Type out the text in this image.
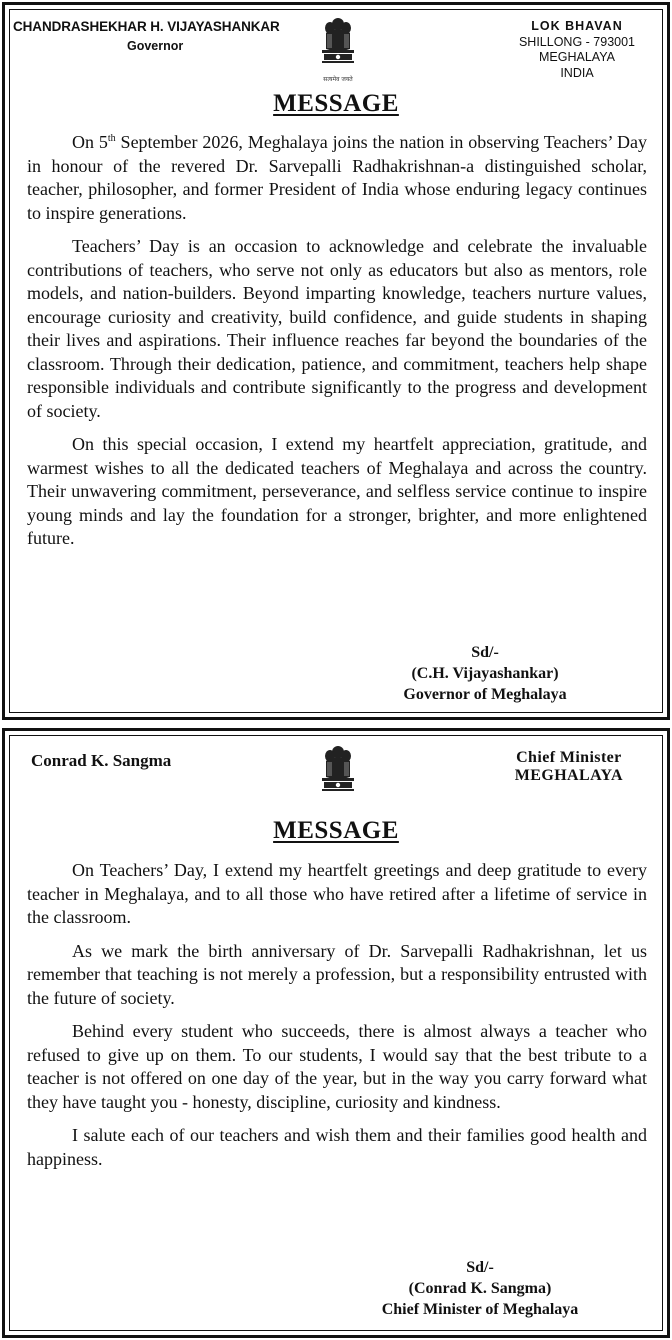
CHANDRASHEKHAR H. VIJAYASHANKAR
Governor
LOK BHAVAN
SHILLONG - 793001
MEGHALAYA
INDIA
सत्यमेव जयते
MESSAGE

On 5th September 2026, Meghalaya joins the nation in observing Teachers’ Day in honour of the revered Dr. Sarvepalli Radhakrishnan-a distinguished scholar, teacher, philosopher, and former President of India whose enduring legacy continues to inspire generations.

Teachers’ Day is an occasion to acknowledge and celebrate the invaluable contributions of teachers, who serve not only as educators but also as mentors, role models, and nation-builders. Beyond imparting knowledge, teachers nurture values, encourage curiosity and creativity, build confidence, and guide students in shaping their lives and aspirations. Their influence reaches far beyond the boundaries of the classroom. Through their dedication, patience, and commitment, teachers help shape responsible individuals and contribute significantly to the progress and development of society.

On this special occasion, I extend my heartfelt appreciation, gratitude, and warmest wishes to all the dedicated teachers of Meghalaya and across the country. Their unwavering commitment, perseverance, and selfless service continue to inspire young minds and lay the foundation for a stronger, brighter, and more enlightened future.

Sd/-
(C.H. Vijayashankar)
Governor of Meghalaya
Conrad K. Sangma	Chief Minister
MEGHALAYA
MESSAGE

On Teachers’ Day, I extend my heartfelt greetings and deep gratitude to every teacher in Meghalaya, and to all those who have retired after a lifetime of service in the classroom.

As we mark the birth anniversary of Dr. Sarvepalli Radhakrishnan, let us remember that teaching is not merely a profession, but a responsibility entrusted with the future of society.

Behind every student who succeeds, there is almost always a teacher who refused to give up on them. To our students, I would say that the best tribute to a teacher is not offered on one day of the year, but in the way you carry forward what they have taught you - honesty, discipline, curiosity and kindness.

I salute each of our teachers and wish them and their families good health and happiness.

Sd/-
(Conrad K. Sangma)
Chief Minister of Meghalaya
